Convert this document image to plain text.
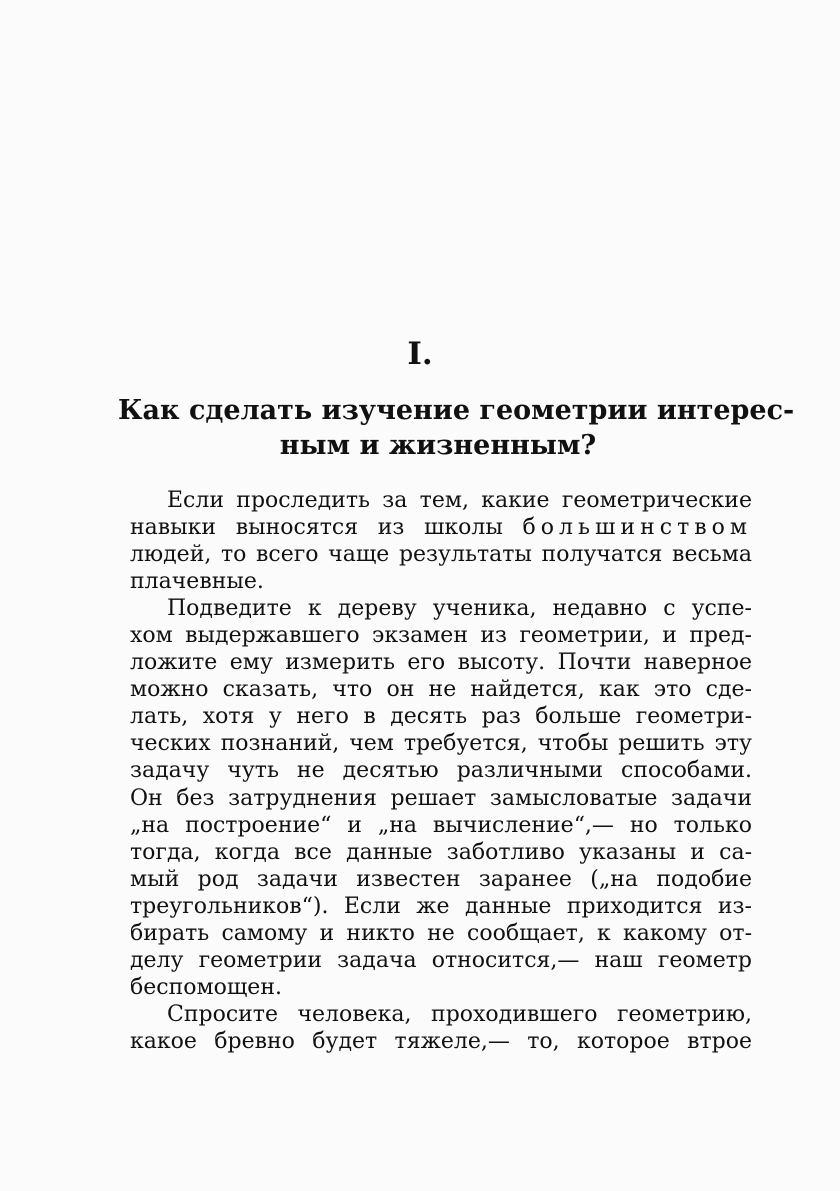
I.
Как сделать изучение геометрии интерес-
ным и жизненным?
Если проследить за тем, какие геометрические
навыки выносятся из школы большинством
людей, то всего чаще результаты получатся весьма
плачевные.
Подведите к дереву ученика, недавно с успе-
хом выдержавшего экзамен из геометрии, и пред-
ложите ему измерить его высоту. Почти наверное
можно сказать, что он не найдется, как это сде-
лать, хотя у него в десять раз больше геометри-
ческих познаний, чем требуется, чтобы решить эту
задачу чуть не десятью различными способами.
Он без затруднения решает замысловатые задачи
„на построение“ и „на вычисление“,— но только
тогда, когда все данные заботливо указаны и са-
мый род задачи известен заранее („на подобие
треугольников“). Если же данные приходится из-
бирать самому и никто не сообщает, к какому от-
делу геометрии задача относится,— наш геометр
беспомощен.
Спросите человека, проходившего геометрию,
какое бревно будет тяжеле,— то, которое втрое
